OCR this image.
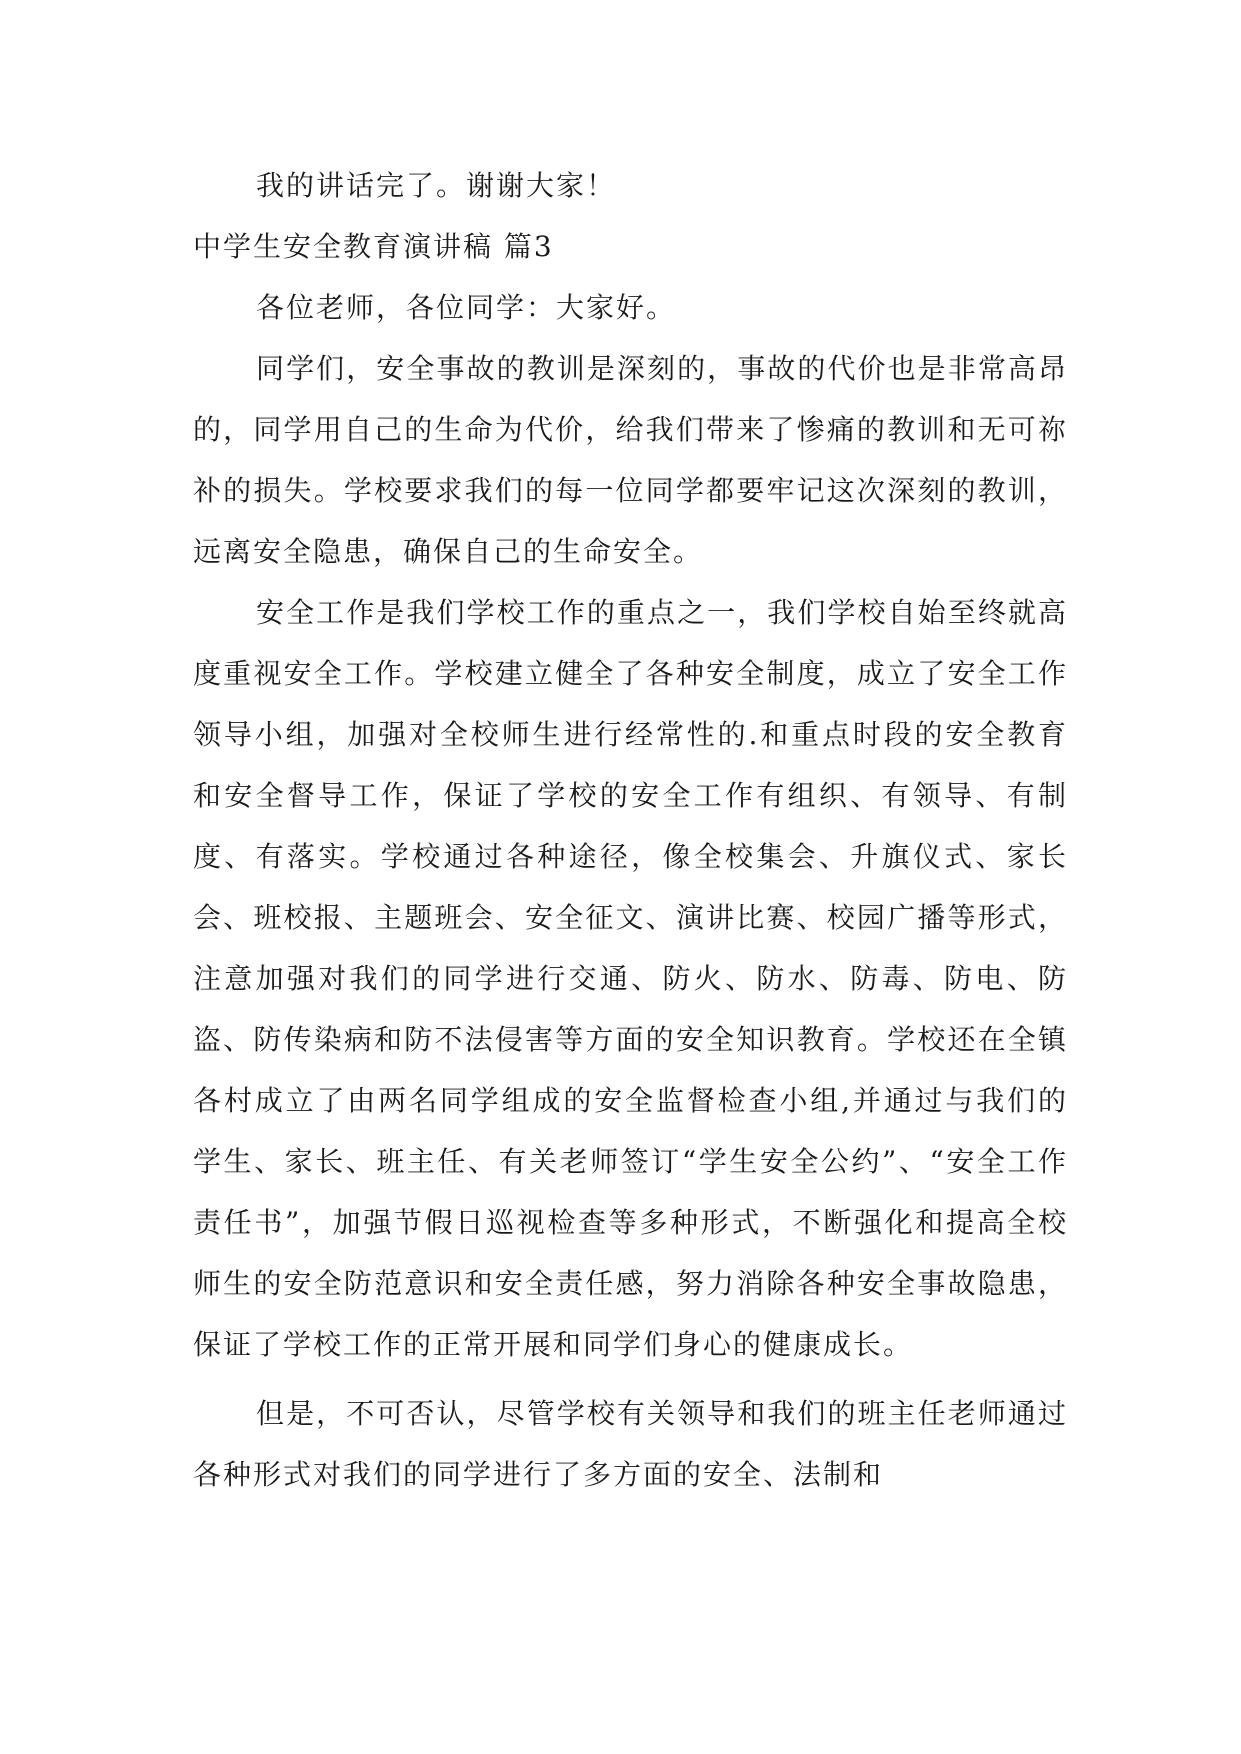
我的讲话完了。谢谢大家！

中学生安全教育演讲稿 篇3

各位老师，各位同学：大家好。

同学们，安全事故的教训是深刻的，事故的代价也是非常高昂的，同学用自己的生命为代价，给我们带来了惨痛的教训和无可祢补的损失。学校要求我们的每一位同学都要牢记这次深刻的教训，远离安全隐患，确保自己的生命安全。

安全工作是我们学校工作的重点之一，我们学校自始至终就高度重视安全工作。学校建立健全了各种安全制度，成立了安全工作领导小组，加强对全校师生进行经常性的.和重点时段的安全教育和安全督导工作，保证了学校的安全工作有组织、有领导、有制度、有落实。学校通过各种途径，像全校集会、升旗仪式、家长会、班校报、主题班会、安全征文、演讲比赛、校园广播等形式，注意加强对我们的同学进行交通、防火、防水、防毒、防电、防盗、防传染病和防不法侵害等方面的安全知识教育。学校还在全镇各村成立了由两名同学组成的安全监督检查小组,并通过与我们的学生、家长、班主任、有关老师签订“学生安全公约”、“安全工作责任书”，加强节假日巡视检查等多种形式，不断强化和提高全校师生的安全防范意识和安全责任感，努力消除各种安全事故隐患，保证了学校工作的正常开展和同学们身心的健康成长。

但是，不可否认，尽管学校有关领导和我们的班主任老师通过各种形式对我们的同学进行了多方面的安全、法制和
